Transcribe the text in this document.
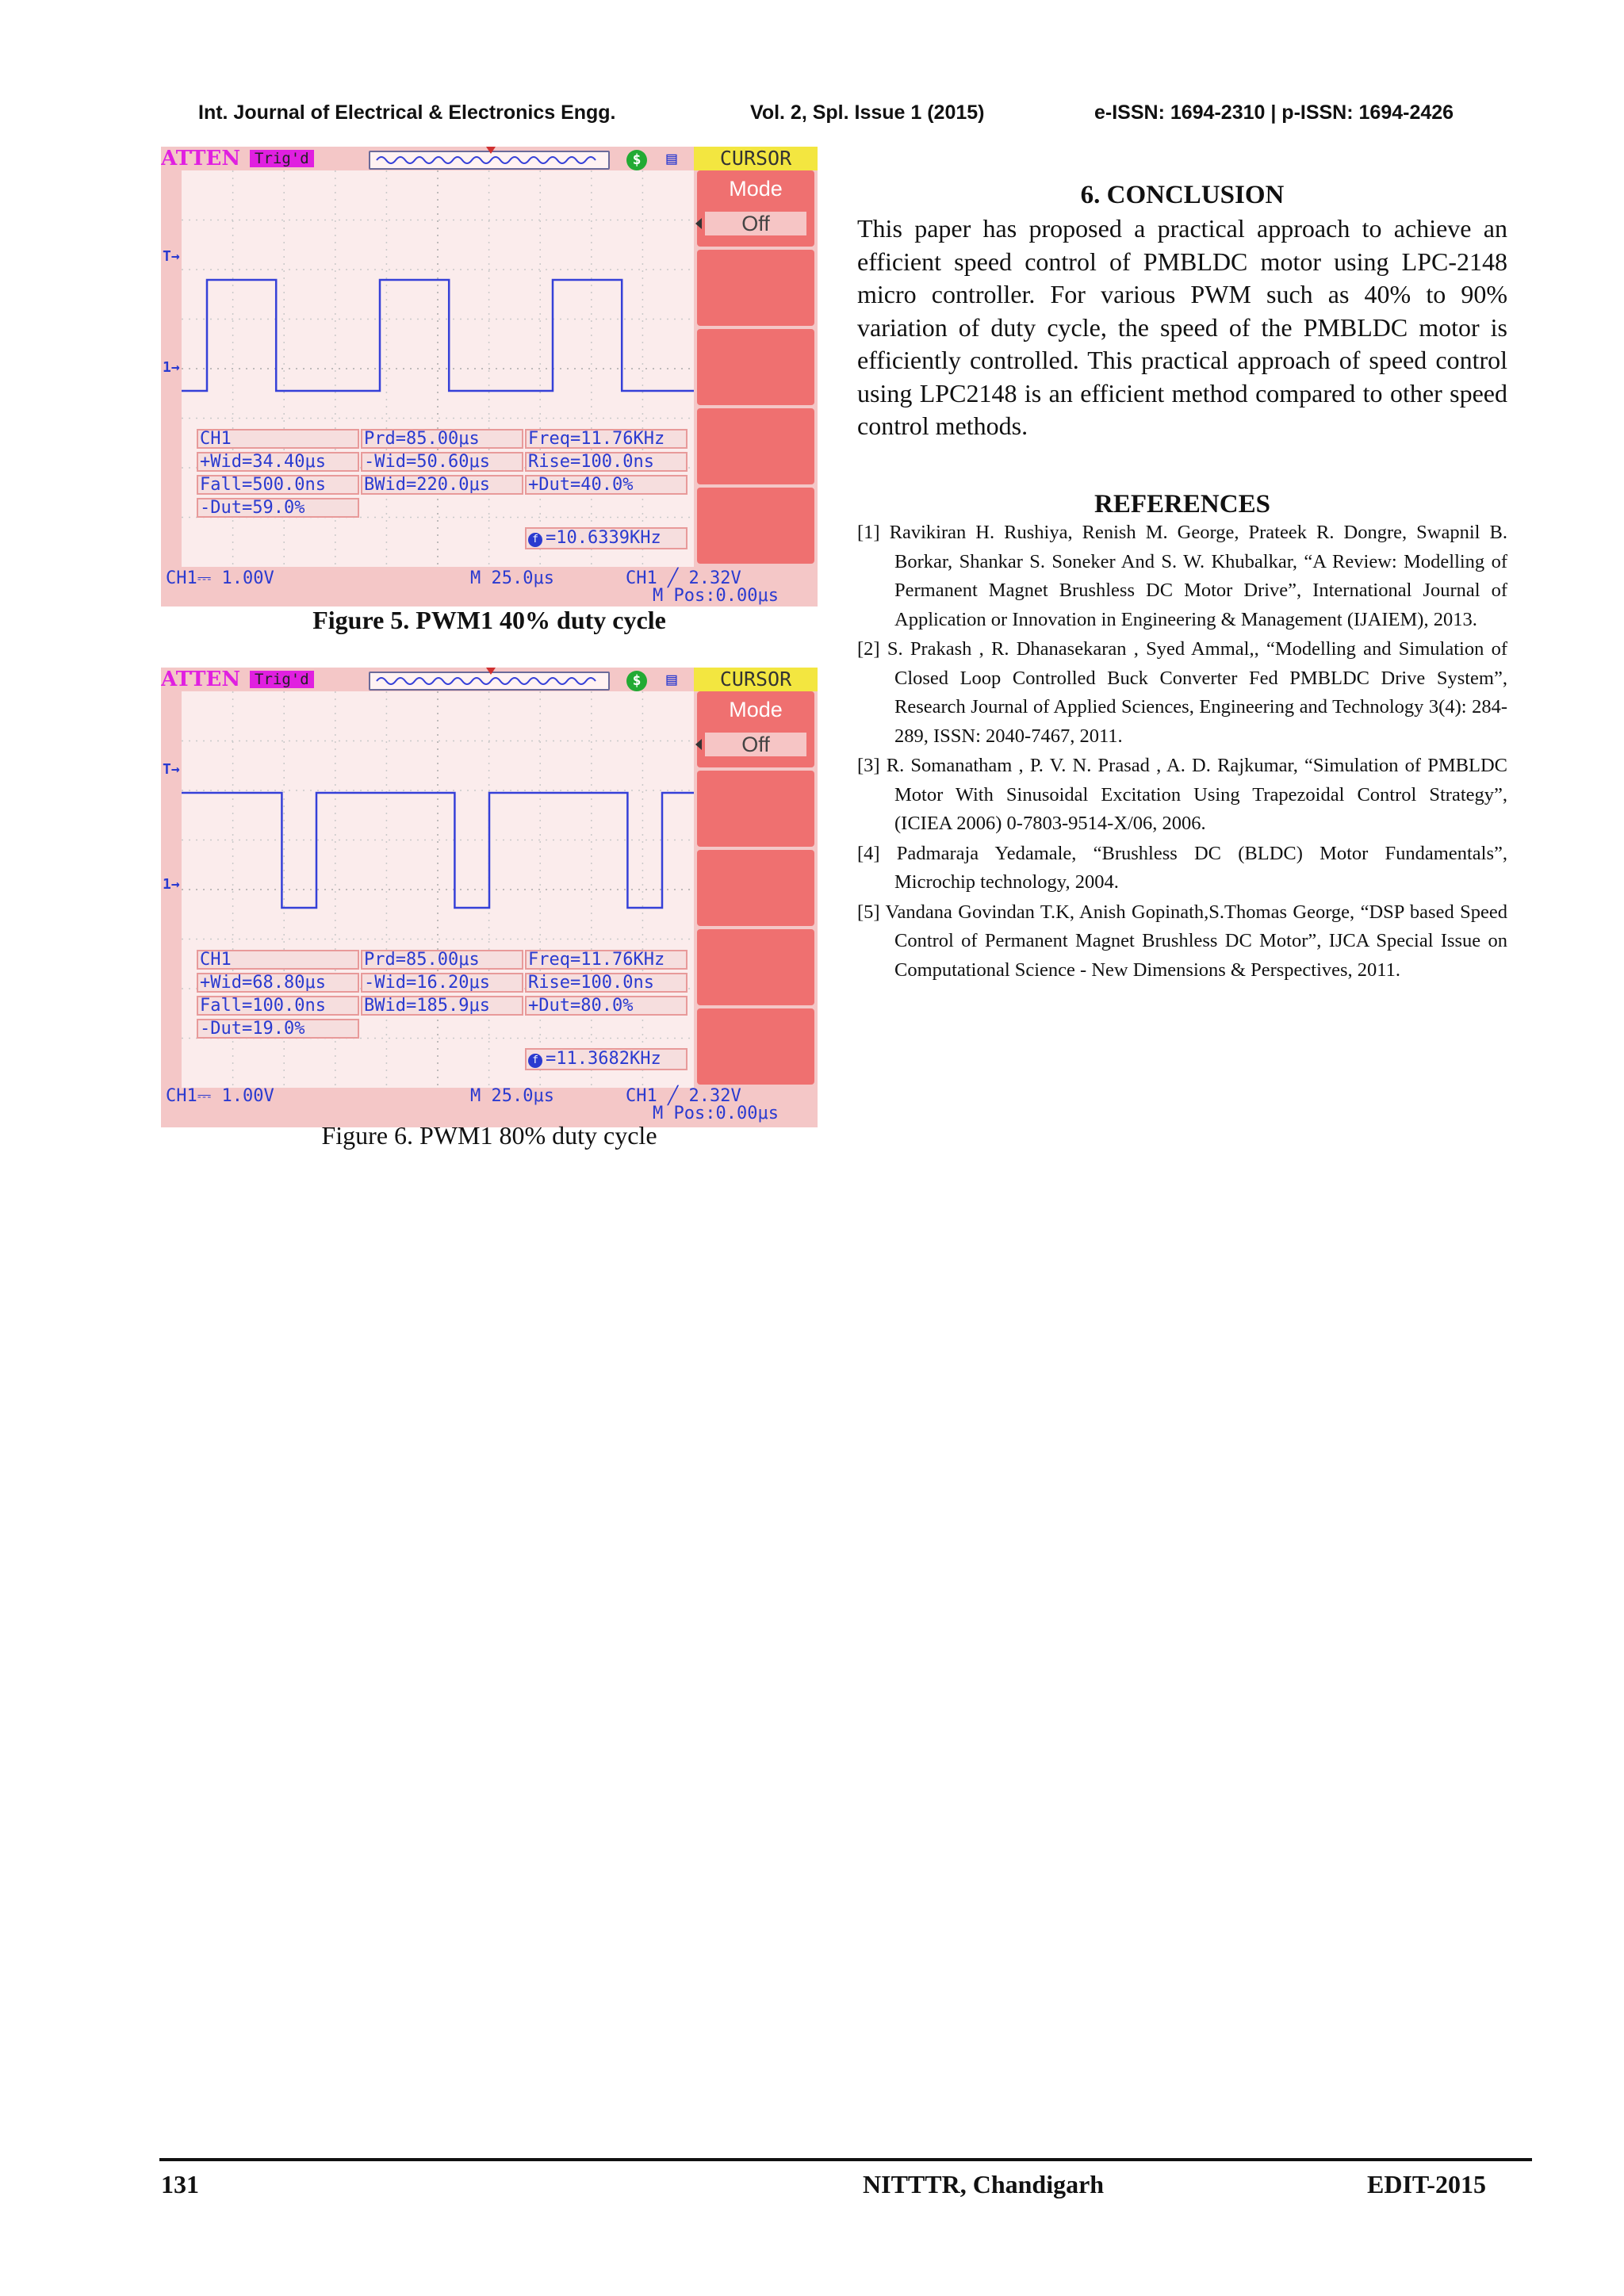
Int. Journal of Electrical & Electronics Engg.	Vol. 2, Spl. Issue 1 (2015)	e-ISSN: 1694-2310 | p-ISSN: 1694-2426
ATTEN Trig'd	$	▤	CURSOR
Mode
Off
T→
1→
CH1	Prd=85.00μs	Freq=11.76KHz
+Wid=34.40μs	-Wid=50.60μs	Rise=100.0ns
Fall=500.0ns	BWid=220.0μs	+Dut=40.0%
-Dut=59.0%
f =10.6339KHz
CH1⎓ 1.00V	M 25.0μs	CH1 ╱ 2.32V
M Pos:0.00μs
Figure 5. PWM1 40% duty cycle
ATTEN Trig'd	$	▤	CURSOR
Mode
Off
T→
1→
CH1	Prd=85.00μs	Freq=11.76KHz
+Wid=68.80μs	-Wid=16.20μs	Rise=100.0ns
Fall=100.0ns	BWid=185.9μs	+Dut=80.0%
-Dut=19.0%
f =11.3682KHz
CH1⎓ 1.00V	M 25.0μs	CH1 ╱ 2.32V
M Pos:0.00μs
Figure 6. PWM1 80% duty cycle
6. CONCLUSION
This paper has proposed a practical approach to achieve an efficient speed control of PMBLDC motor using LPC-2148 micro controller. For various PWM such as 40% to 90% variation of duty cycle, the speed of the PMBLDC motor is efficiently controlled. This practical approach of speed control using LPC2148 is an efficient method compared to other speed control methods.
REFERENCES
[1] Ravikiran H. Rushiya, Renish M. George, Prateek R. Dongre, Swapnil B. Borkar, Shankar S. Soneker And S. W. Khubalkar, “A Review: Modelling of Permanent Magnet Brushless DC Motor Drive”, International Journal of Application or Innovation in Engineering & Management (IJAIEM), 2013.
[2] S. Prakash , R. Dhanasekaran , Syed Ammal,, “Modelling and Simulation of Closed Loop Controlled Buck Converter Fed PMBLDC Drive System”, Research Journal of Applied Sciences, Engineering and Technology 3(4): 284-289, ISSN: 2040-7467, 2011.
[3] R. Somanatham , P. V. N. Prasad , A. D. Rajkumar, “Simulation of PMBLDC Motor With Sinusoidal Excitation Using Trapezoidal Control Strategy”, (ICIEA 2006) 0-7803-9514-X/06, 2006.
[4] Padmaraja Yedamale, “Brushless DC (BLDC) Motor Fundamentals”, Microchip technology, 2004.
[5] Vandana Govindan T.K, Anish Gopinath,S.Thomas George, “DSP based Speed Control of Permanent Magnet Brushless DC Motor”, IJCA Special Issue on Computational Science - New Dimensions & Perspectives, 2011.
131	NITTTR, Chandigarh	EDIT-2015
